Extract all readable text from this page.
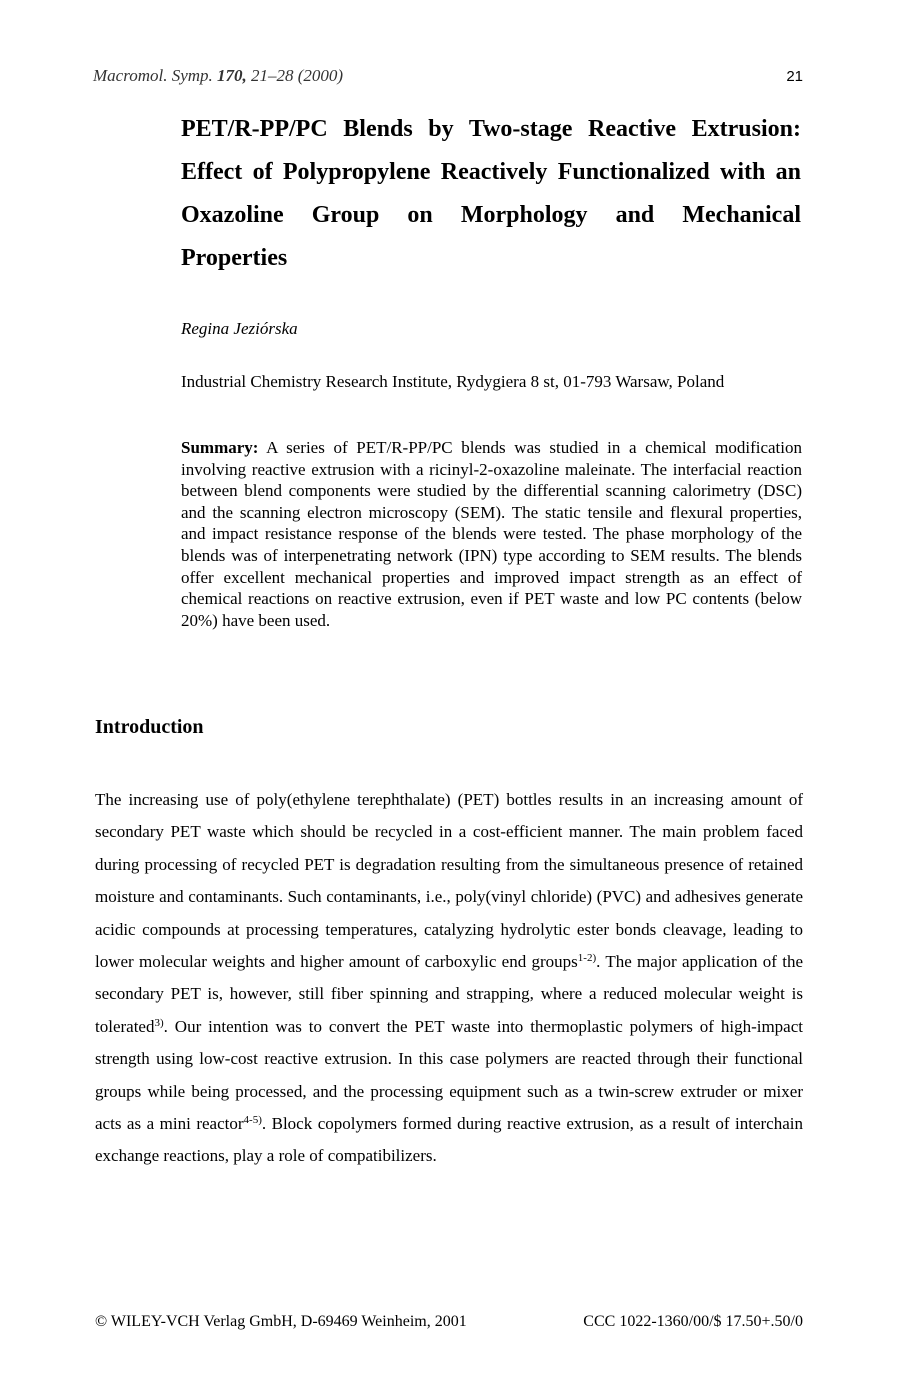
Macromol. Symp. 170, 21–28 (2000)	21
PET/R-PP/PC Blends by Two-stage Reactive Extrusion: Effect of Polypropylene Reactively Functionalized with an Oxazoline Group on Morphology and Mechanical Properties
Regina Jeziórska
Industrial Chemistry Research Institute, Rydygiera 8 st, 01-793 Warsaw, Poland

Summary: A series of PET/R-PP/PC blends was studied in a chemical modification involving reactive extrusion with a ricinyl-2-oxazoline maleinate. The interfacial reaction between blend components were studied by the differential scanning calorimetry (DSC) and the scanning electron microscopy (SEM). The static tensile and flexural properties, and impact resistance response of the blends were tested. The phase morphology of the blends was of interpenetrating network (IPN) type according to SEM results. The blends offer excellent mechanical properties and improved impact strength as an effect of chemical reactions on reactive extrusion, even if PET waste and low PC contents (below 20%) have been used.

Introduction

The increasing use of poly(ethylene terephthalate) (PET) bottles results in an increasing amount of secondary PET waste which should be recycled in a cost-efficient manner. The main problem faced during processing of recycled PET is degradation resulting from the simultaneous presence of retained moisture and contaminants. Such contaminants, i.e., poly(vinyl chloride) (PVC) and adhesives generate acidic compounds at processing temperatures, catalyzing hydrolytic ester bonds cleavage, leading to lower molecular weights and higher amount of carboxylic end groups$^{1-2)}$. The major application of the secondary PET is, however, still fiber spinning and strapping, where a reduced molecular weight is tolerated$^{3)}$. Our intention was to convert the PET waste into thermoplastic polymers of high-impact strength using low-cost reactive extrusion. In this case polymers are reacted through their functional groups while being processed, and the processing equipment such as a twin-screw extruder or mixer acts as a mini reactor$^{4-5)}$. Block copolymers formed during reactive extrusion, as a result of interchain exchange reactions, play a role of compatibilizers.

© WILEY-VCH Verlag GmbH, D-69469 Weinheim, 2001	CCC 1022-1360/00/$ 17.50+.50/0
